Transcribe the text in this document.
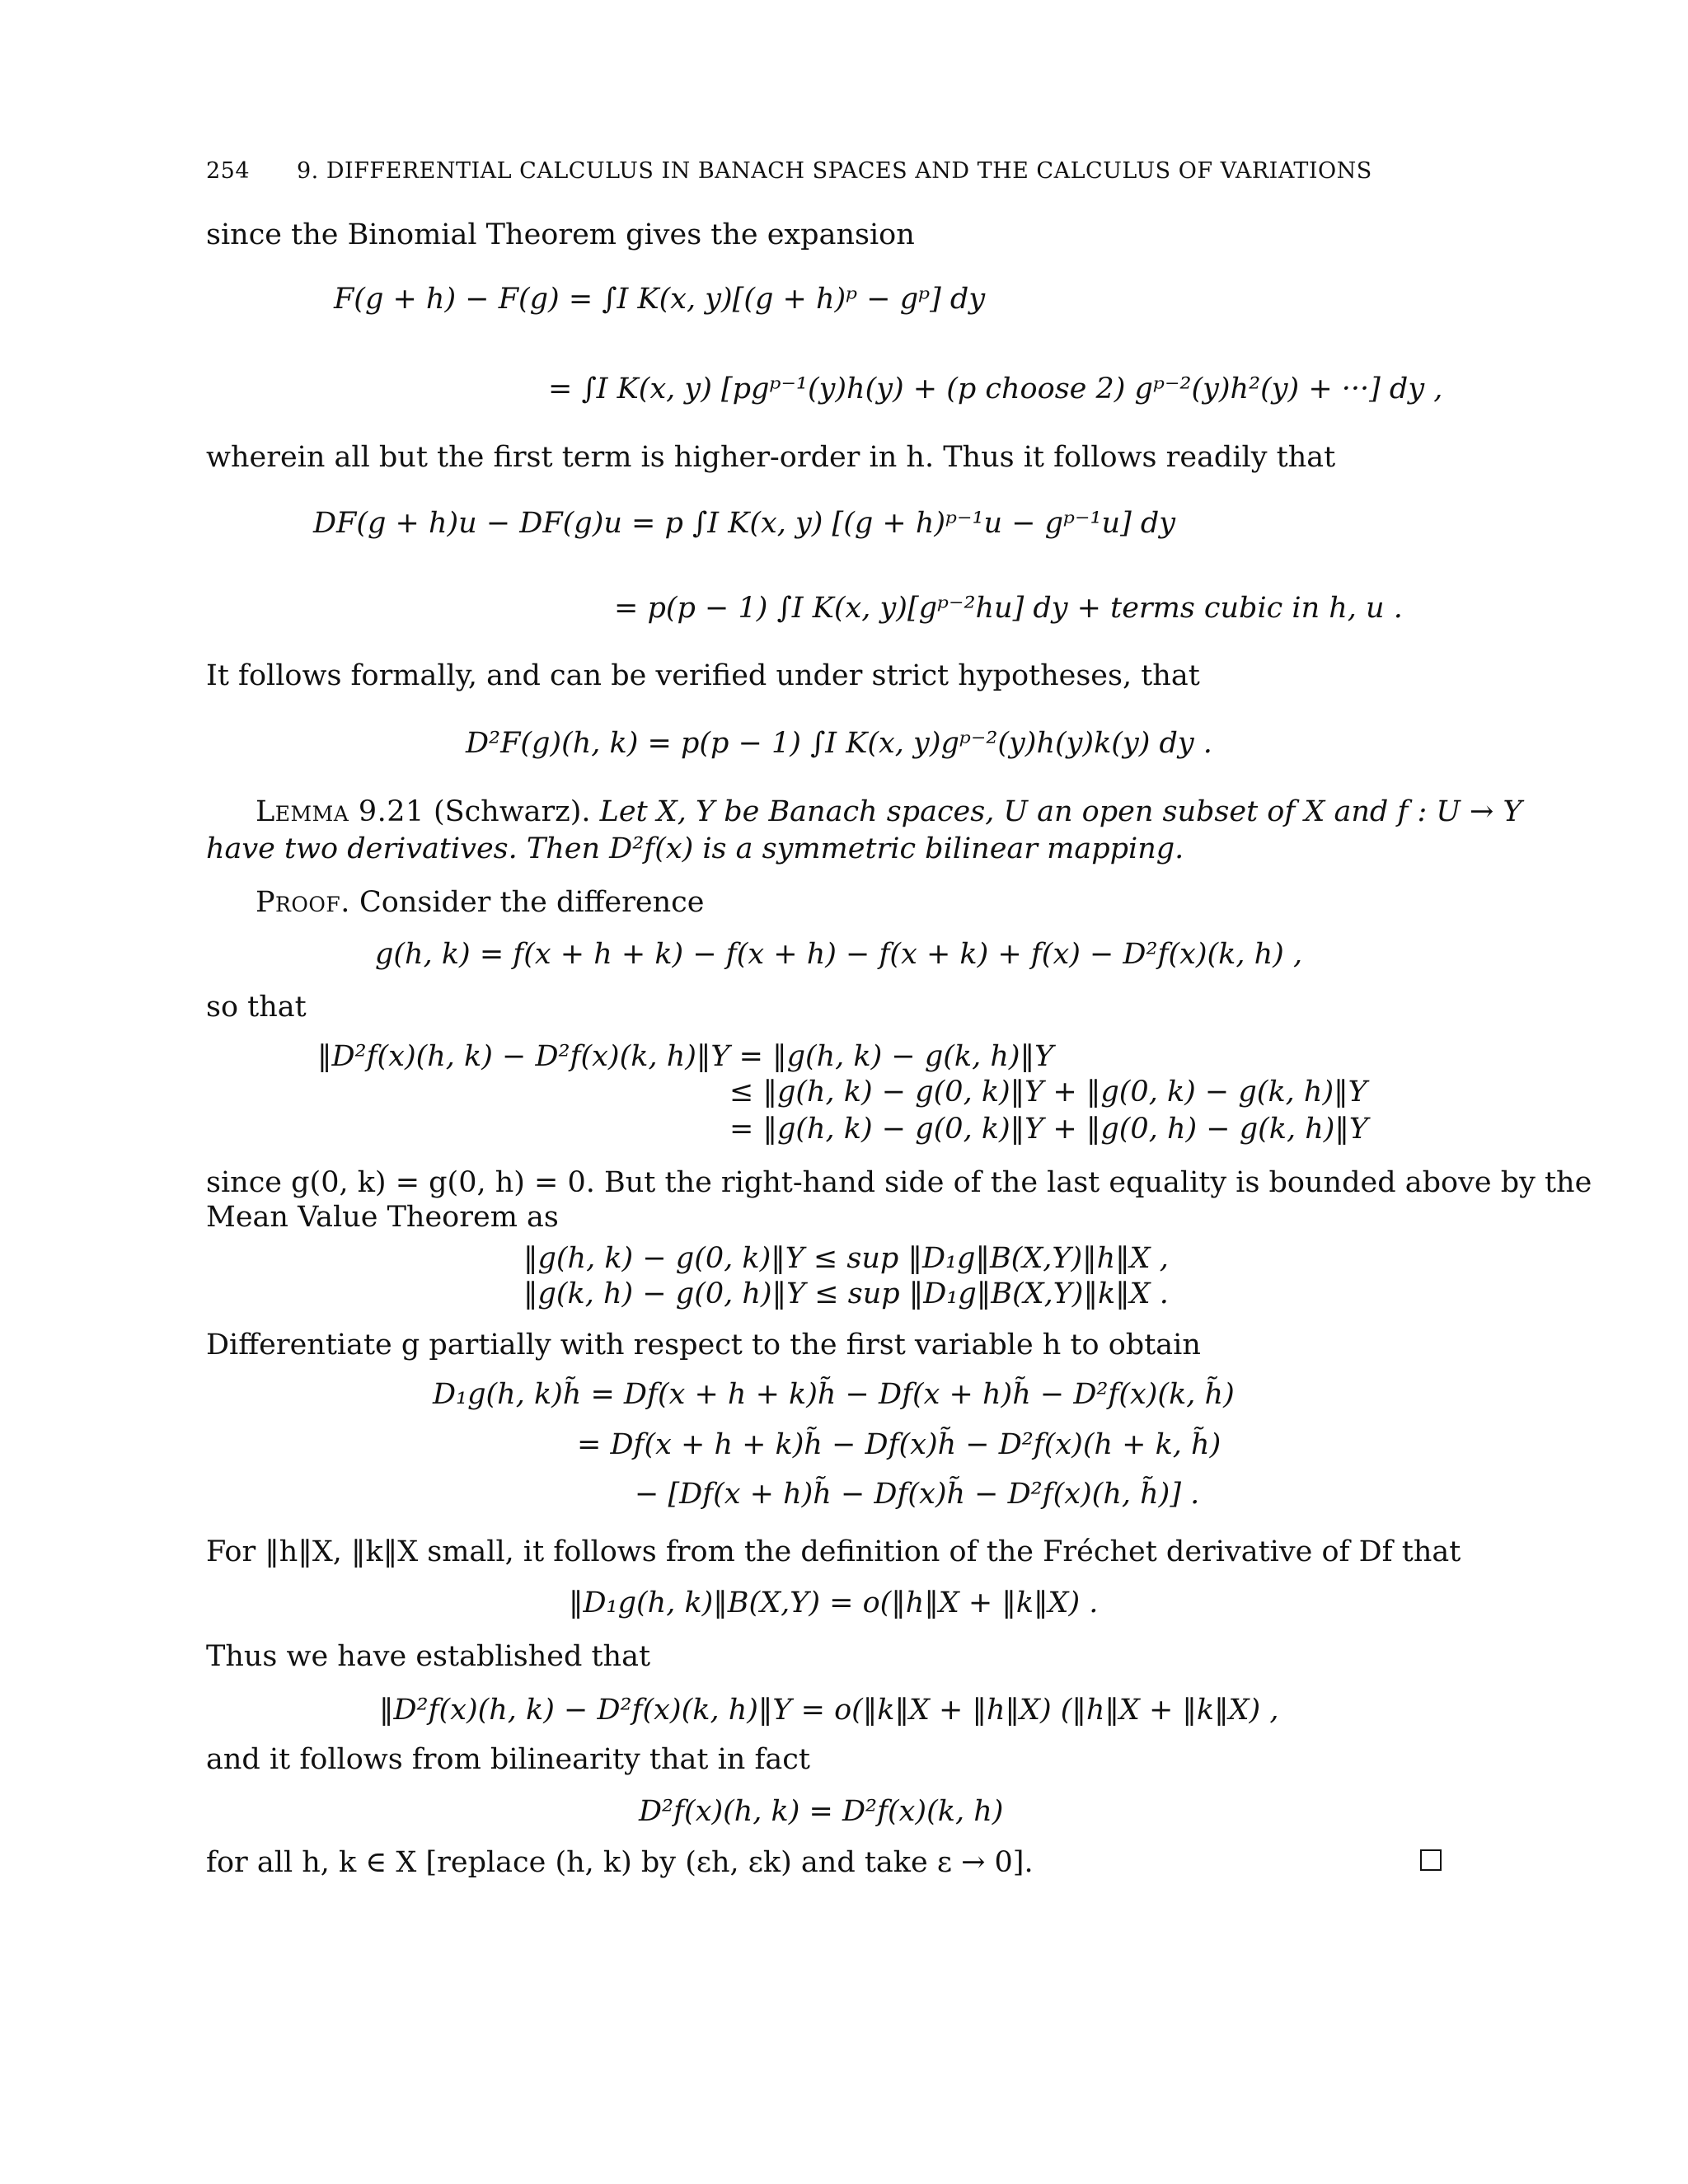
254 9. DIFFERENTIAL CALCULUS IN BANACH SPACES AND THE CALCULUS OF VARIATIONS
since the Binomial Theorem gives the expansion
F(g + h) − F(g) = ∫I K(x, y)[(g + h)ᵖ − gᵖ] dy
= ∫I K(x, y) [pgᵖ⁻¹(y)h(y) + (p choose 2) gᵖ⁻²(y)h²(y) + ···] dy ,
wherein all but the first term is higher-order in h. Thus it follows readily that
DF(g + h)u − DF(g)u = p ∫I K(x, y) [(g + h)ᵖ⁻¹u − gᵖ⁻¹u] dy
= p(p − 1) ∫I K(x, y)[gᵖ⁻²hu] dy + terms cubic in h, u .
It follows formally, and can be verified under strict hypotheses, that
D²F(g)(h, k) = p(p − 1) ∫I K(x, y)gᵖ⁻²(y)h(y)k(y) dy .
Lemma 9.21 (Schwarz). Let X, Y be Banach spaces, U an open subset of X and f : U → Y
have two derivatives. Then D²f(x) is a symmetric bilinear mapping.
Proof. Consider the difference
g(h, k) = f(x + h + k) − f(x + h) − f(x + k) + f(x) − D²f(x)(k, h) ,
so that
‖D²f(x)(h, k) − D²f(x)(k, h)‖Y = ‖g(h, k) − g(k, h)‖Y
≤ ‖g(h, k) − g(0, k)‖Y + ‖g(0, k) − g(k, h)‖Y
= ‖g(h, k) − g(0, k)‖Y + ‖g(0, h) − g(k, h)‖Y
since g(0, k) = g(0, h) = 0. But the right-hand side of the last equality is bounded above by the
Mean Value Theorem as
‖g(h, k) − g(0, k)‖Y ≤ sup ‖D₁g‖B(X,Y)‖h‖X ,
‖g(k, h) − g(0, h)‖Y ≤ sup ‖D₁g‖B(X,Y)‖k‖X .
Differentiate g partially with respect to the first variable h to obtain
D₁g(h, k)h̃ = Df(x + h + k)h̃ − Df(x + h)h̃ − D²f(x)(k, h̃)
= Df(x + h + k)h̃ − Df(x)h̃ − D²f(x)(h + k, h̃)
− [Df(x + h)h̃ − Df(x)h̃ − D²f(x)(h, h̃)] .
For ‖h‖X, ‖k‖X small, it follows from the definition of the Fréchet derivative of Df that
‖D₁g(h, k)‖B(X,Y) = o(‖h‖X + ‖k‖X) .
Thus we have established that
‖D²f(x)(h, k) − D²f(x)(k, h)‖Y = o(‖k‖X + ‖h‖X) (‖h‖X + ‖k‖X) ,
and it follows from bilinearity that in fact
D²f(x)(h, k) = D²f(x)(k, h)
for all h, k ∈ X [replace (h, k) by (εh, εk) and take ε → 0].
